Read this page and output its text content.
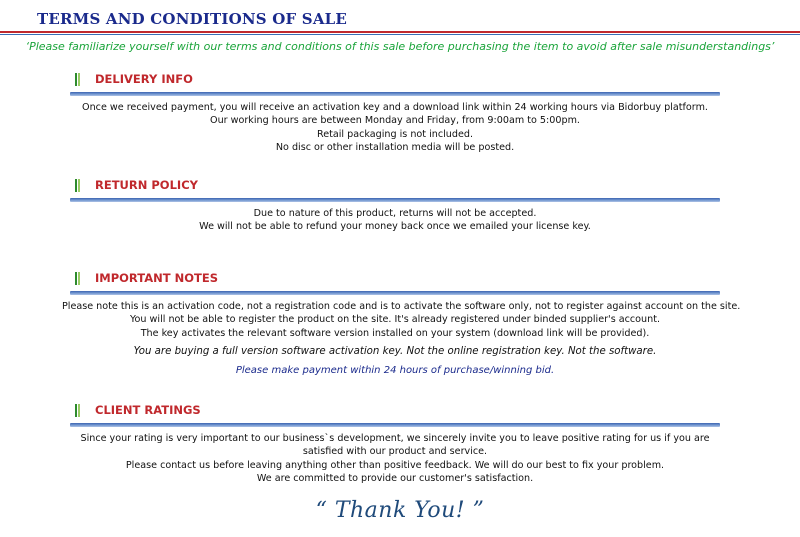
TERMS AND CONDITIONS OF SALE
‘Please familiarize yourself with our terms and conditions of this sale before purchasing the item to avoid after sale misunderstandings’
DELIVERY INFO
Once we received payment, you will receive an activation key and a download link within 24 working hours via Bidorbuy platform.
Our working hours are between Monday and Friday, from 9:00am to 5:00pm.
Retail packaging is not included.
No disc or other installation media will be posted.
RETURN POLICY
Due to nature of this product, returns will not be accepted.
We will not be able to refund your money back once we emailed your license key.
IMPORTANT NOTES
Please note this is an activation code, not a registration code and is to activate the software only, not to register against account on the site.
You will not be able to register the product on the site. It's already registered under binded supplier's account.
The key activates the relevant software version installed on your system (download link will be provided).
You are buying a full version software activation key. Not the online registration key. Not the software.
Please make payment within 24 hours of purchase/winning bid.
CLIENT RATINGS
Since your rating is very important to our business`s development, we sincerely invite you to leave positive rating for us if you are
satisfied with our product and service.
Please contact us before leaving anything other than positive feedback. We will do our best to fix your problem.
We are committed to provide our customer's satisfaction.
“ Thank You! ”
